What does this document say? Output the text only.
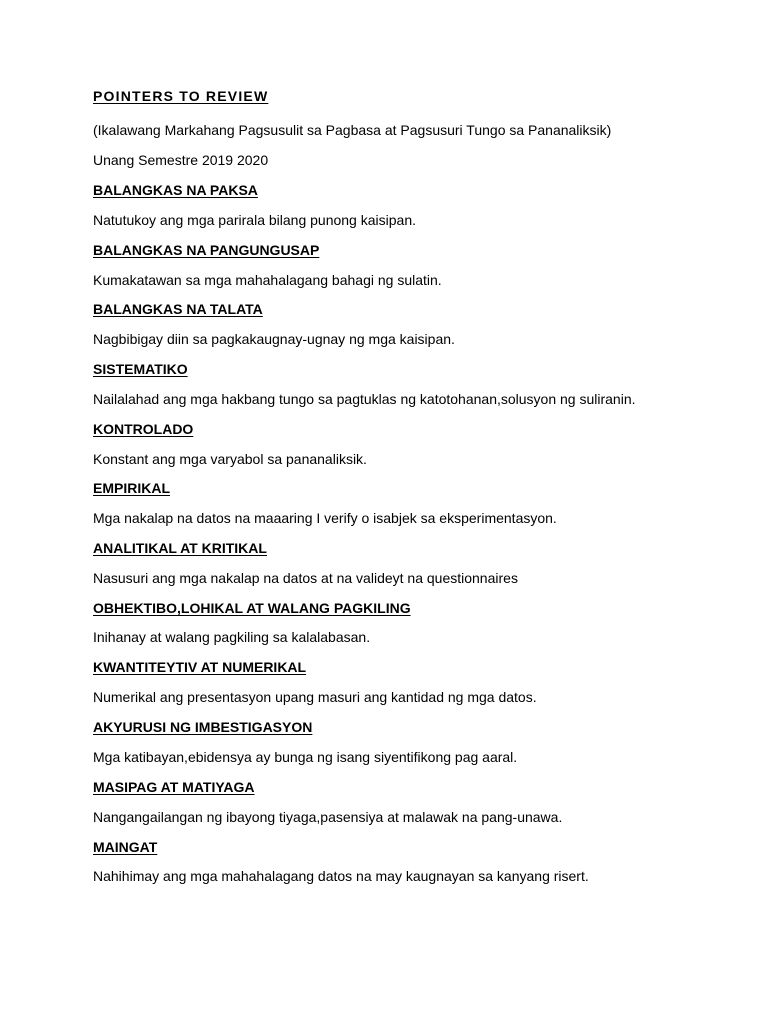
POINTERS TO REVIEW
(Ikalawang Markahang Pagsusulit sa Pagbasa at Pagsusuri Tungo sa Pananaliksik)
Unang Semestre 2019 2020
BALANGKAS NA PAKSA
Natutukoy ang mga parirala bilang punong kaisipan.
BALANGKAS NA PANGUNGUSAP
Kumakatawan sa mga mahahalagang bahagi ng sulatin.
BALANGKAS NA TALATA
Nagbibigay diin sa pagkakaugnay-ugnay ng mga kaisipan.
SISTEMATIKO
Nailalahad ang mga hakbang tungo sa pagtuklas ng katotohanan,solusyon ng suliranin.
KONTROLADO
Konstant ang mga varyabol sa pananaliksik.
EMPIRIKAL
Mga nakalap na datos na maaaring I verify o isabjek sa eksperimentasyon.
ANALITIKAL AT KRITIKAL
Nasusuri ang mga nakalap na datos at na valideyt na questionnaires
OBHEKTIBO,LOHIKAL AT WALANG PAGKILING
Inihanay at walang pagkiling sa kalalabasan.
KWANTITEYTIV AT NUMERIKAL
Numerikal ang presentasyon upang masuri ang kantidad ng mga datos.
AKYURUSI NG IMBESTIGASYON
Mga katibayan,ebidensya ay bunga ng isang siyentifikong pag aaral.
MASIPAG AT MATIYAGA
Nangangailangan ng ibayong tiyaga,pasensiya at malawak na pang-unawa.
MAINGAT
Nahihimay ang mga mahahalagang datos na may kaugnayan sa kanyang risert.
